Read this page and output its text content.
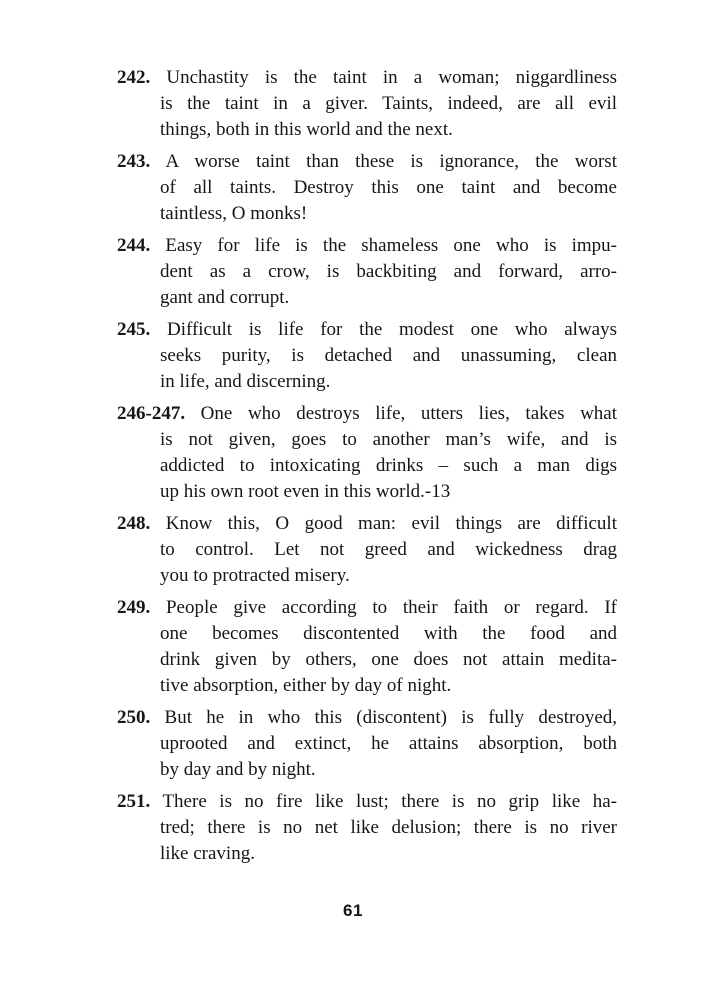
242. Unchastity is the taint in a woman; niggardliness
is the taint in a giver. Taints, indeed, are all evil
things, both in this world and the next.
243. A worse taint than these is ignorance, the worst
of all taints. Destroy this one taint and become
taintless, O monks!
244. Easy for life is the shameless one who is impu-
dent as a crow, is backbiting and forward, arro-
gant and corrupt.
245. Difficult is life for the modest one who always
seeks purity, is detached and unassuming, clean
in life, and discerning.
246-247. One who destroys life, utters lies, takes what
is not given, goes to another man’s wife, and is
addicted to intoxicating drinks – such a man digs
up his own root even in this world.-13
248. Know this, O good man: evil things are difficult
to control. Let not greed and wickedness drag
you to protracted misery.
249. People give according to their faith or regard. If
one becomes discontented with the food and
drink given by others, one does not attain medita-
tive absorption, either by day of night.
250. But he in who this (discontent) is fully destroyed,
uprooted and extinct, he attains absorption, both
by day and by night.
251. There is no fire like lust; there is no grip like ha-
tred; there is no net like delusion; there is no river
like craving.
61
